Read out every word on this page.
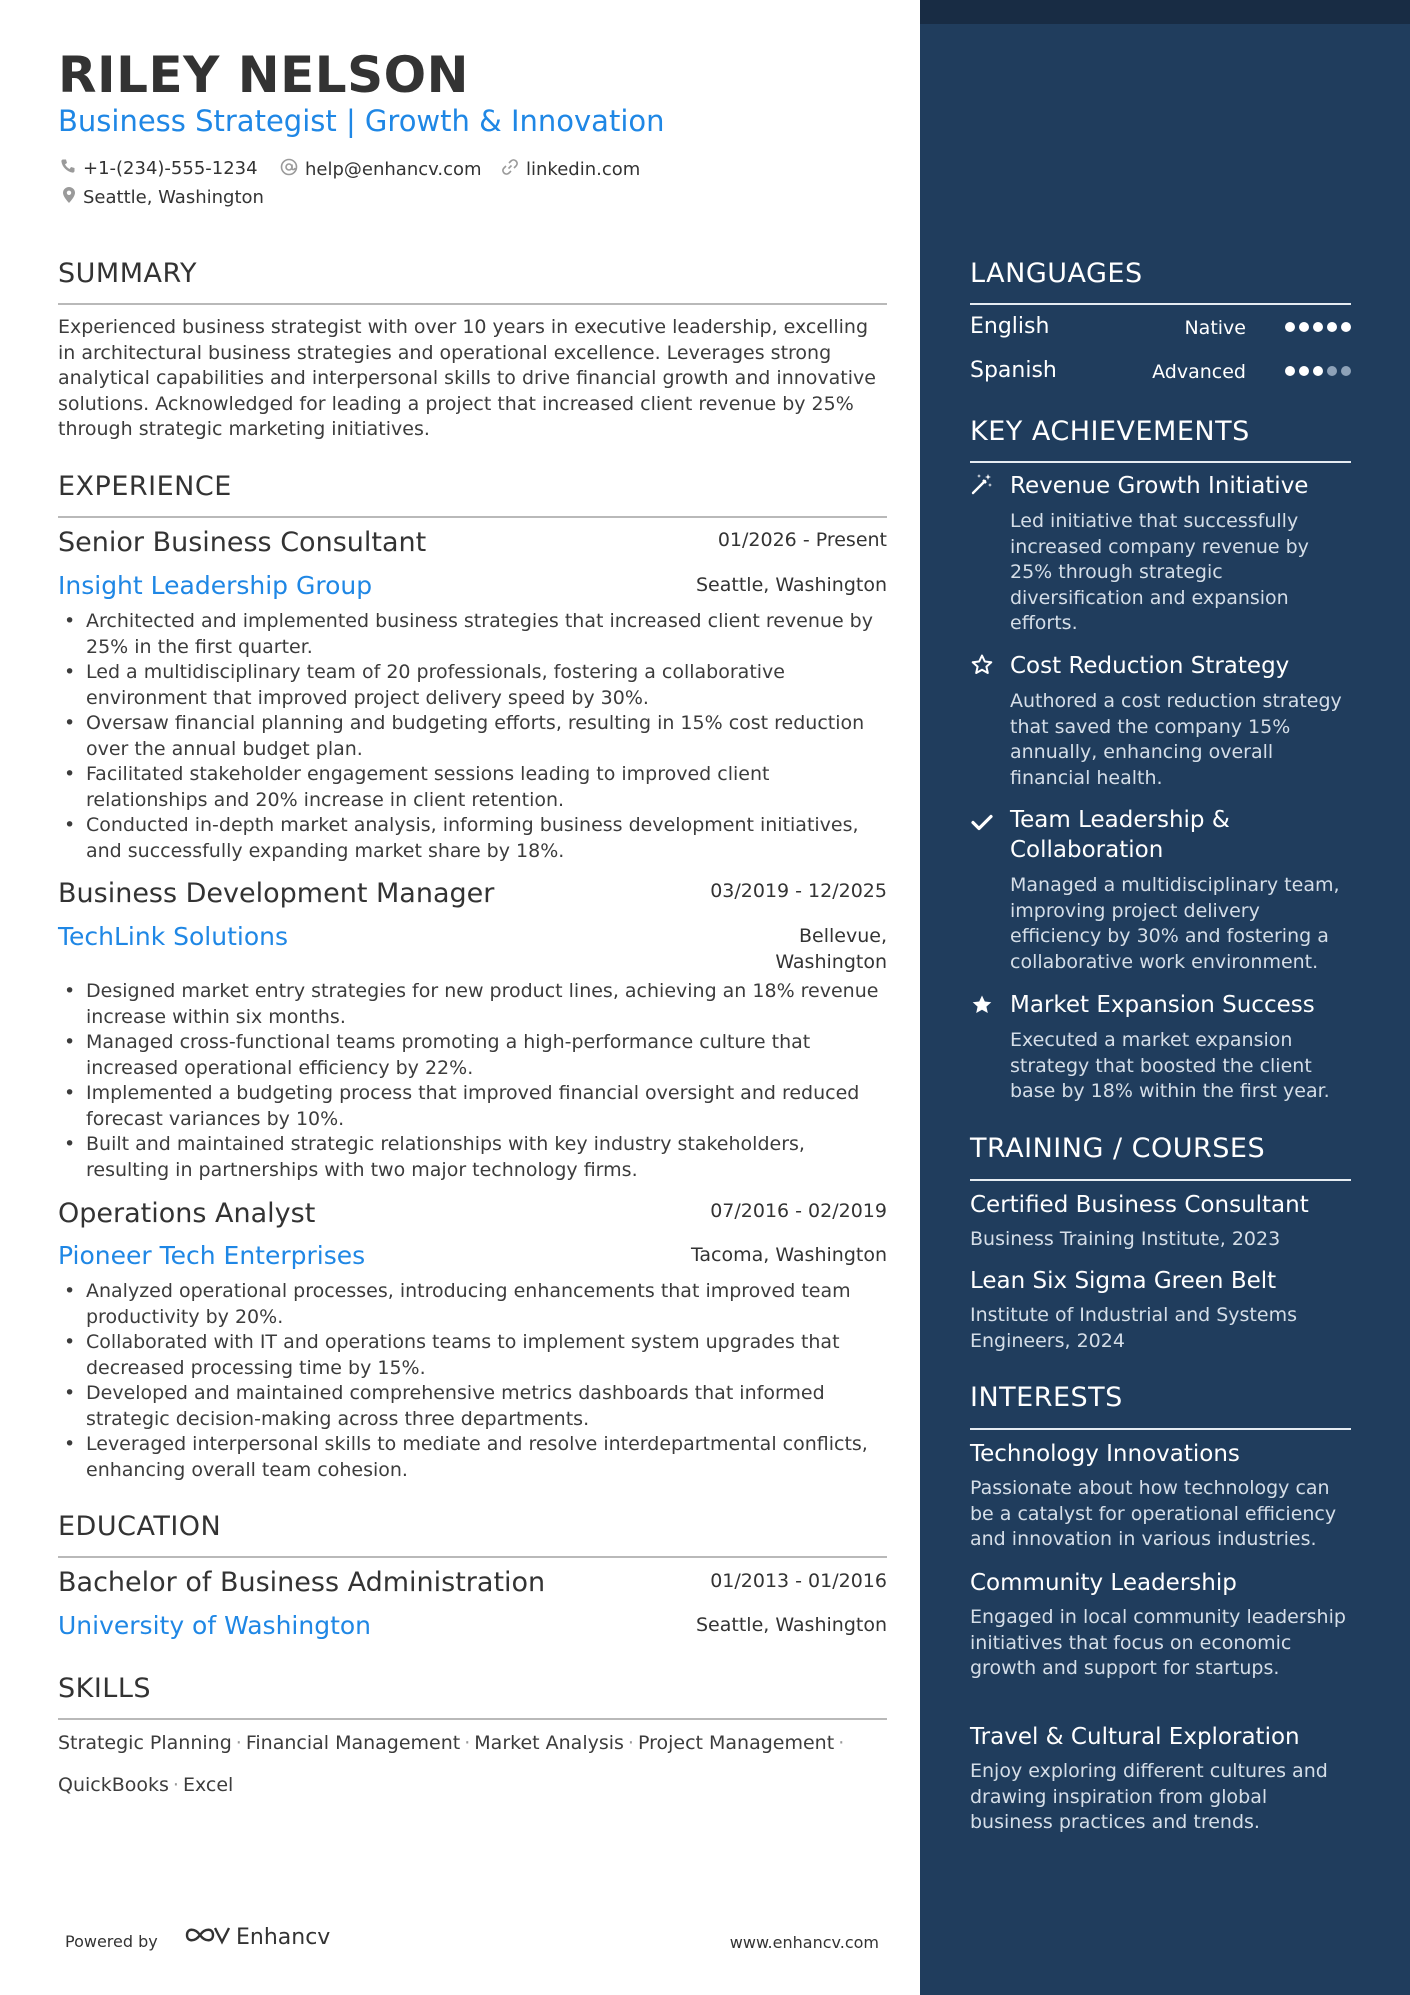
RILEY NELSON
Business Strategist | Growth & Innovation
+1-(234)-555-1234	help@enhancv.com linkedin.com
Seattle, Washington
SUMMARY
Experienced business strategist with over 10 years in executive leadership, excelling in architectural business strategies and operational excellence. Leverages strong analytical capabilities and interpersonal skills to drive financial growth and innovative solutions. Acknowledged for leading a project that increased client revenue by 25% through strategic marketing initiatives.
EXPERIENCE
Senior Business Consultant	01/2026 - Present
Insight Leadership Group	Seattle, Washington
• Architected and implemented business strategies that increased client revenue by 25% in the first quarter.
• Led a multidisciplinary team of 20 professionals, fostering a collaborative environment that improved project delivery speed by 30%.
• Oversaw financial planning and budgeting efforts, resulting in 15% cost reduction over the annual budget plan.
• Facilitated stakeholder engagement sessions leading to improved client relationships and 20% increase in client retention.
• Conducted in-depth market analysis, informing business development initiatives, and successfully expanding market share by 18%.
Business Development Manager	03/2019 - 12/2025
TechLink Solutions	Bellevue,
Washington
• Designed market entry strategies for new product lines, achieving an 18% revenue increase within six months.
• Managed cross-functional teams promoting a high-performance culture that increased operational efficiency by 22%.
• Implemented a budgeting process that improved financial oversight and reduced forecast variances by 10%.
• Built and maintained strategic relationships with key industry stakeholders, resulting in partnerships with two major technology firms.
Operations Analyst	07/2016 - 02/2019
Pioneer Tech Enterprises	Tacoma, Washington
• Analyzed operational processes, introducing enhancements that improved team productivity by 20%.
• Collaborated with IT and operations teams to implement system upgrades that decreased processing time by 15%.
• Developed and maintained comprehensive metrics dashboards that informed strategic decision-making across three departments.
• Leveraged interpersonal skills to mediate and resolve interdepartmental conflicts, enhancing overall team cohesion.
EDUCATION
Bachelor of Business Administration	01/2013 - 01/2016
University of Washington	Seattle, Washington
SKILLS
Strategic Planning · Financial Management · Market Analysis · Project Management ·
QuickBooks · Excel
Powered by	Enhancv	www.enhancv.com
LANGUAGES
English	Native
Spanish	Advanced
KEY ACHIEVEMENTS
Revenue Growth Initiative
Led initiative that successfully increased company revenue by 25% through strategic diversification and expansion efforts.
Cost Reduction Strategy
Authored a cost reduction strategy that saved the company 15% annually, enhancing overall financial health.
Team Leadership & Collaboration
Managed a multidisciplinary team, improving project delivery efficiency by 30% and fostering a collaborative work environment.
Market Expansion Success
Executed a market expansion strategy that boosted the client base by 18% within the first year.
TRAINING / COURSES
Certified Business Consultant
Business Training Institute, 2023
Lean Six Sigma Green Belt
Institute of Industrial and Systems Engineers, 2024
INTERESTS
Technology Innovations
Passionate about how technology can be a catalyst for operational efficiency and innovation in various industries.
Community Leadership
Engaged in local community leadership initiatives that focus on economic growth and support for startups.
Travel & Cultural Exploration
Enjoy exploring different cultures and drawing inspiration from global business practices and trends.
